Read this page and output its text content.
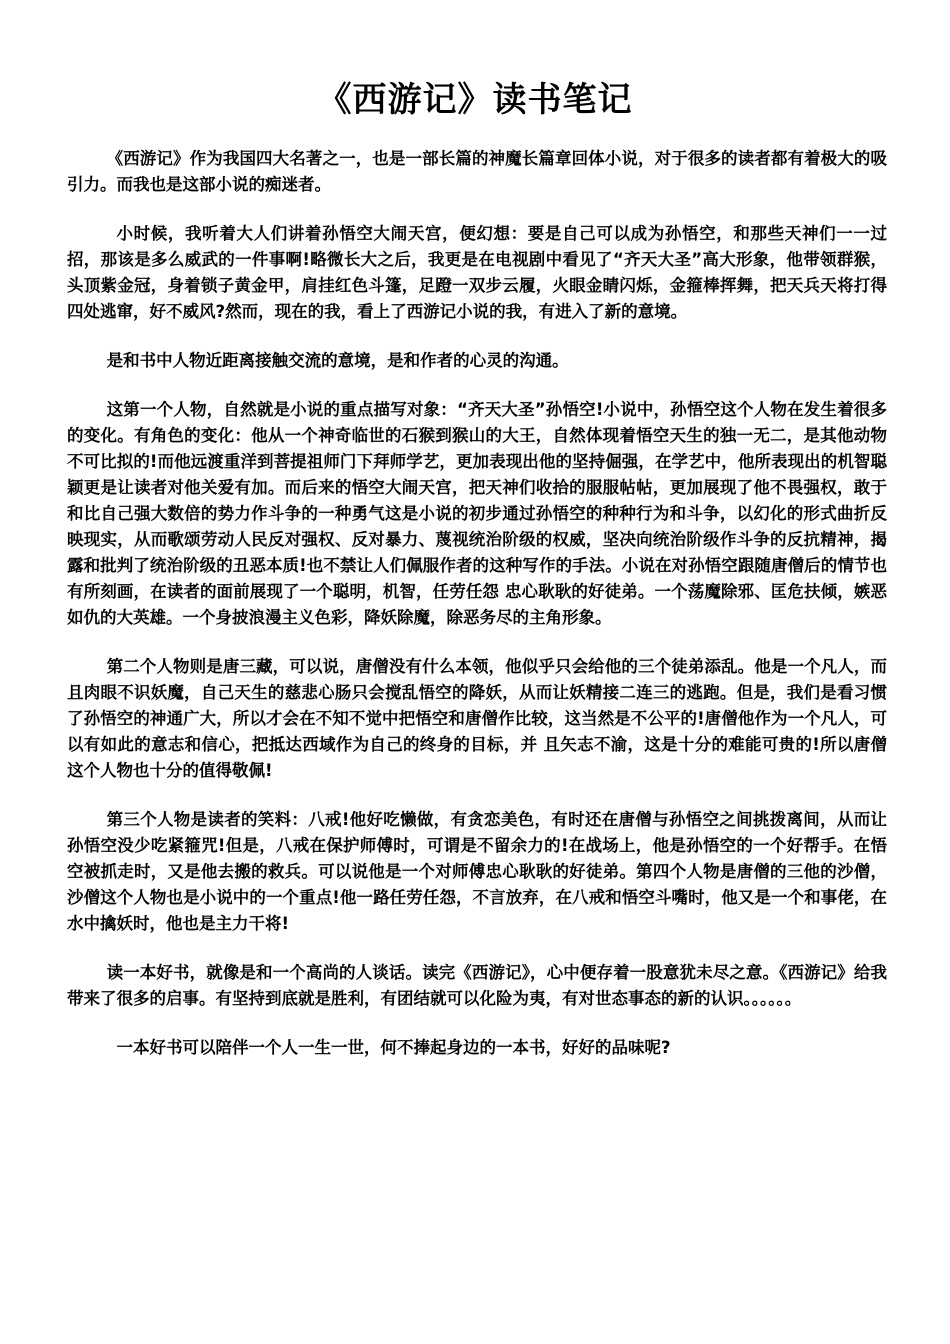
《西游记》读书笔记

《西游记》作为我国四大名著之一，也是一部长篇的神魔长篇章回体小说，对于很多的读者都有着极大的吸引力。而我也是这部小说的痴迷者。

小时候，我听着大人们讲着孙悟空大闹天宫，便幻想：要是自己可以成为孙悟空，和那些天神们一一过招，那该是多么威武的一件事啊!略微长大之后，我更是在电视剧中看见了“齐天大圣”高大形象，他带领群猴，头顶紫金冠，身着锁子黄金甲，肩挂红色斗篷，足蹬一双步云履，火眼金睛闪烁，金箍棒挥舞，把天兵天将打得四处逃窜，好不威风?然而，现在的我，看上了西游记小说的我，有进入了新的意境。

是和书中人物近距离接触交流的意境，是和作者的心灵的沟通。

这第一个人物，自然就是小说的重点描写对象：“齐天大圣”孙悟空!小说中，孙悟空这个人物在发生着很多的变化。有角色的变化：他从一个神奇临世的石猴到猴山的大王，自然体现着悟空天生的独一无二，是其他动物不可比拟的!而他远渡重洋到菩提祖师门下拜师学艺，更加表现出他的坚持倔强，在学艺中，他所表现出的机智聪颖更是让读者对他关爱有加。而后来的悟空大闹天宫，把天神们收拾的服服帖帖，更加展现了他不畏强权，敢于和比自己强大数倍的势力作斗争的一种勇气这是小说的初步通过孙悟空的种种行为和斗争，以幻化的形式曲折反映现实，从而歌颂劳动人民反对强权、反对暴力、蔑视统治阶级的权威，坚决向统治阶级作斗争的反抗精神，揭露和批判了统治阶级的丑恶本质!也不禁让人们佩服作者的这种写作的手法。小说在对孙悟空跟随唐僧后的情节也有所刻画，在读者的面前展现了一个聪明，机智，任劳任怨 忠心耿耿的好徒弟。一个荡魔除邪、匡危扶倾，嫉恶如仇的大英雄。一个身披浪漫主义色彩，降妖除魔，除恶务尽的主角形象。

第二个人物则是唐三藏，可以说，唐僧没有什么本领，他似乎只会给他的三个徒弟添乱。他是一个凡人，而且肉眼不识妖魔，自己天生的慈悲心肠只会搅乱悟空的降妖，从而让妖精接二连三的逃跑。但是，我们是看习惯了孙悟空的神通广大，所以才会在不知不觉中把悟空和唐僧作比较，这当然是不公平的!唐僧他作为一个凡人，可以有如此的意志和信心，把抵达西域作为自己的终身的目标，并 且矢志不渝，这是十分的难能可贵的!所以唐僧这个人物也十分的值得敬佩!

第三个人物是读者的笑料：八戒!他好吃懒做，有贪恋美色，有时还在唐僧与孙悟空之间挑拨离间，从而让孙悟空没少吃紧箍咒!但是，八戒在保护师傅时，可谓是不留余力的!在战场上，他是孙悟空的一个好帮手。在悟空被抓走时，又是他去搬的救兵。可以说他是一个对师傅忠心耿耿的好徒弟。第四个人物是唐僧的三他的沙僧，沙僧这个人物也是小说中的一个重点!他一路任劳任怨，不言放弃，在八戒和悟空斗嘴时，他又是一个和事佬，在水中擒妖时，他也是主力干将!

读一本好书，就像是和一个高尚的人谈话。读完《西游记》，心中便存着一股意犹未尽之意。《西游记》给我带来了很多的启事。有坚持到底就是胜利，有团结就可以化险为夷，有对世态事态的新的认识。。。。。。

一本好书可以陪伴一个人一生一世，何不捧起身边的一本书，好好的品味呢?
